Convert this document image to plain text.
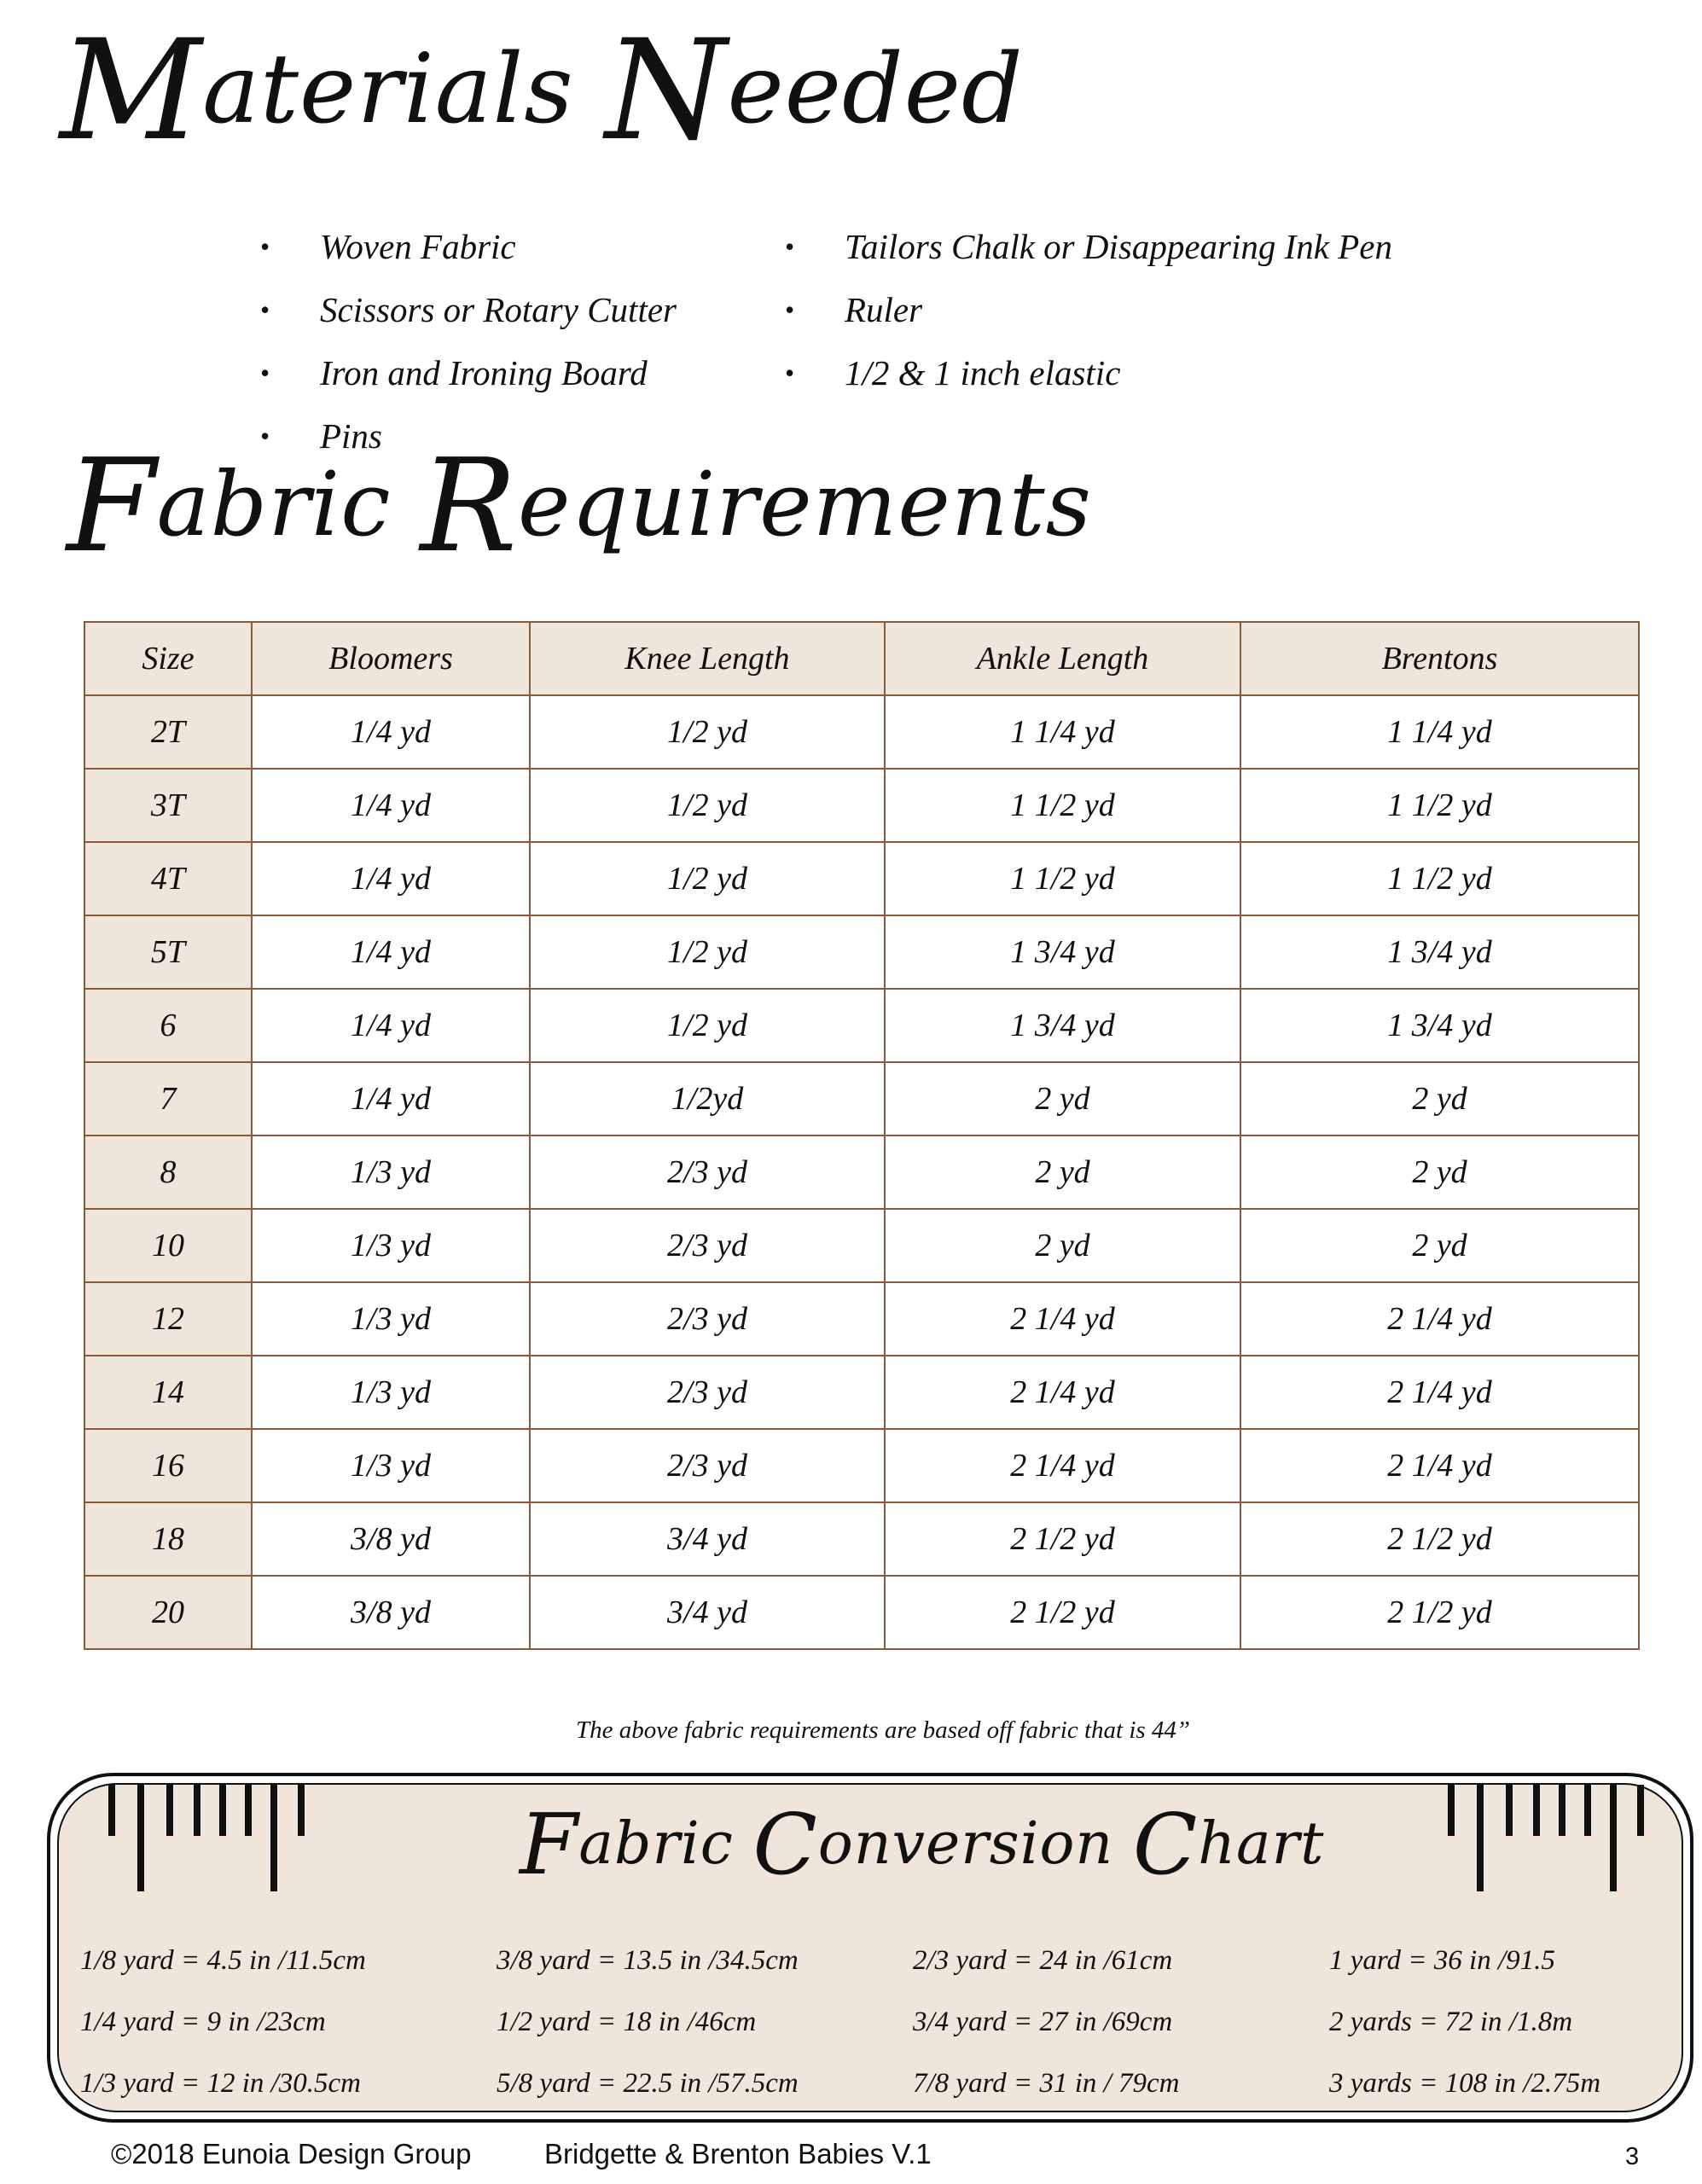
Materials Needed
• Woven Fabric
• Scissors or Rotary Cutter
• Iron and Ironing Board
• Pins
• Tailors Chalk or Disappearing Ink Pen
• Ruler
• 1/2 & 1 inch elastic
Fabric Requirements
Size	Bloomers	Knee Length	Ankle Length	Brentons
2T	1/4 yd	1/2 yd	1 1/4 yd	1 1/4 yd
3T	1/4 yd	1/2 yd	1 1/2 yd	1 1/2 yd
4T	1/4 yd	1/2 yd	1 1/2 yd	1 1/2 yd
5T	1/4 yd	1/2 yd	1 3/4 yd	1 3/4 yd
6	1/4 yd	1/2 yd	1 3/4 yd	1 3/4 yd
7	1/4 yd	1/2yd	2 yd	2 yd
8	1/3 yd	2/3 yd	2 yd	2 yd
10	1/3 yd	2/3 yd	2 yd	2 yd
12	1/3 yd	2/3 yd	2 1/4 yd	2 1/4 yd
14	1/3 yd	2/3 yd	2 1/4 yd	2 1/4 yd
16	1/3 yd	2/3 yd	2 1/4 yd	2 1/4 yd
18	3/8 yd	3/4 yd	2 1/2 yd	2 1/2 yd
20	3/8 yd	3/4 yd	2 1/2 yd	2 1/2 yd
The above fabric requirements are based off fabric that is 44”
Fabric Conversion Chart
1/8 yard = 4.5 in /11.5cm	3/8 yard = 13.5 in /34.5cm	2/3 yard = 24 in /61cm	1 yard = 36 in /91.5
1/4 yard = 9 in /23cm	1/2 yard = 18 in /46cm	3/4 yard = 27 in /69cm	2 yards = 72 in /1.8m
1/3 yard = 12 in /30.5cm	5/8 yard = 22.5 in /57.5cm	7/8 yard = 31 in / 79cm	3 yards = 108 in /2.75m
©2018 Eunoia Design Group	Bridgette & Brenton Babies V.1	3
